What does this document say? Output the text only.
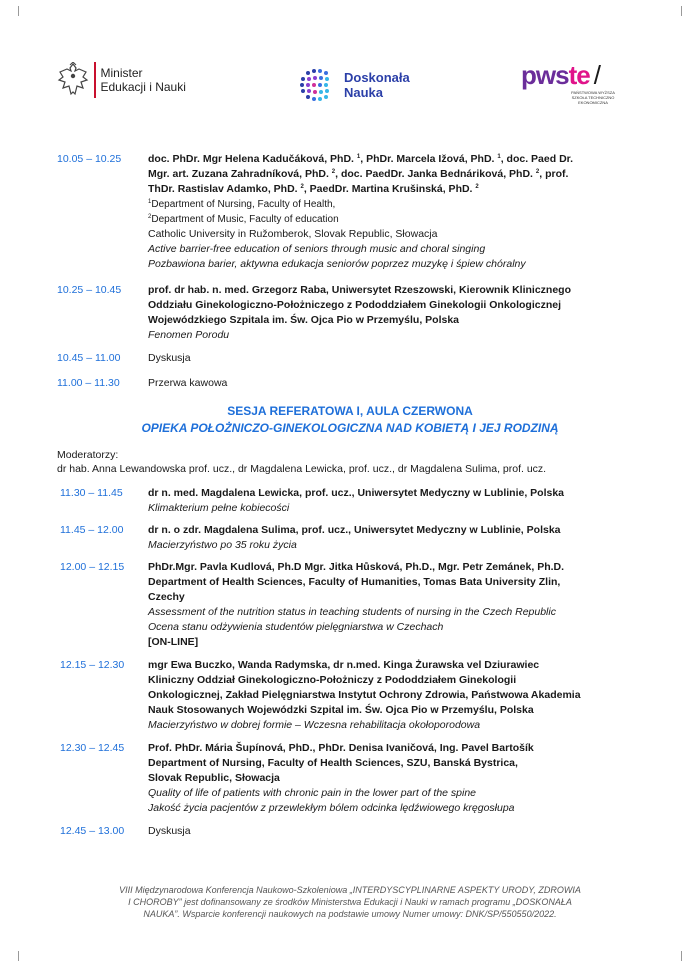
Minister
Edukacji i Nauki
Doskonała
Nauka
pwste /
PAŃSTWOWA WYŻSZA SZKOŁA TECHNICZNO EKONOMICZNA
10.05 – 10.25	doc. PhDr. Mgr Helena Kadučáková, PhD. $^1$, PhDr. Marcela Ižová, PhD. $^1$, doc. Paed Dr.
Mgr. art. Zuzana Zahradníková, PhD. $^2$, doc. PaedDr. Janka Bednáriková, PhD. $^2$, prof.
ThDr. Rastislav Adamko, PhD. $^2$, PaedDr. Martina Krušinská, PhD. $^2$
$^1$Department of Nursing, Faculty of Health,
$^2$Department of Music, Faculty of education
Catholic University in Ružomberok, Slovak Republic, Słowacja
Active barrier-free education of seniors through music and choral singing
Pozbawiona barier, aktywna edukacja seniorów poprzez muzykę i śpiew chóralny
10.25 – 10.45	prof. dr hab. n. med. Grzegorz Raba, Uniwersytet Rzeszowski, Kierownik Klinicznego
Oddziału Ginekologiczno-Położniczego z Pododdziałem Ginekologii Onkologicznej
Wojewódzkiego Szpitala im. Św. Ojca Pio w Przemyślu, Polska
Fenomen Porodu
10.45 – 11.00	Dyskusja
11.00 – 11.30	Przerwa kawowa
SESJA REFERATOWA I, AULA CZERWONA
OPIEKA POŁOŻNICZO-GINEKOLOGICZNA NAD KOBIETĄ I JEJ RODZINĄ
Moderatorzy:
dr hab. Anna Lewandowska prof. ucz., dr Magdalena Lewicka, prof. ucz., dr Magdalena Sulima, prof. ucz.
11.30 – 11.45	dr n. med. Magdalena Lewicka, prof. ucz., Uniwersytet Medyczny w Lublinie, Polska
Klimakterium pełne kobiecości
11.45 – 12.00	dr n. o zdr. Magdalena Sulima, prof. ucz., Uniwersytet Medyczny w Lublinie, Polska
Macierzyństwo po 35 roku życia
12.00 – 12.15	PhDr.Mgr. Pavla Kudlová, Ph.D Mgr. Jitka Hůsková, Ph.D., Mgr. Petr Zemánek, Ph.D.
Department of Health Sciences, Faculty of Humanities, Tomas Bata University Zlin,
Czechy
Assessment of the nutrition status in teaching students of nursing in the Czech Republic
Ocena stanu odżywienia studentów pielęgniarstwa w Czechach
[ON-LINE]
12.15 – 12.30	mgr Ewa Buczko, Wanda Radymska, dr n.med. Kinga Żurawska vel Dziurawiec
Kliniczny Oddział Ginekologiczno-Położniczy z Pododdziałem Ginekologii
Onkologicznej, Zakład Pielęgniarstwa Instytut Ochrony Zdrowia, Państwowa Akademia
Nauk Stosowanych Wojewódzki Szpital im. Św. Ojca Pio w Przemyślu, Polska
Macierzyństwo w dobrej formie – Wczesna rehabilitacja okołoporodowa
12.30 – 12.45	Prof. PhDr. Mária Šupínová, PhD., PhDr. Denisa Ivaničová, Ing. Pavel Bartošík
Department of Nursing, Faculty of Health Sciences, SZU, Banská Bystrica,
Slovak Republic, Słowacja
Quality of life of patients with chronic pain in the lower part of the spine
Jakość życia pacjentów z przewlekłym bólem odcinka lędźwiowego kręgosłupa
12.45 – 13.00	Dyskusja
VIII Międzynarodowa Konferencja Naukowo-Szkoleniowa „INTERDYSCYPLINARNE ASPEKTY URODY, ZDROWIA
I CHOROBY” jest dofinansowany ze środków Ministerstwa Edukacji i Nauki w ramach programu „DOSKONAŁA
NAUKA”. Wsparcie konferencji naukowych na podstawie umowy Numer umowy: DNK/SP/550550/2022.
